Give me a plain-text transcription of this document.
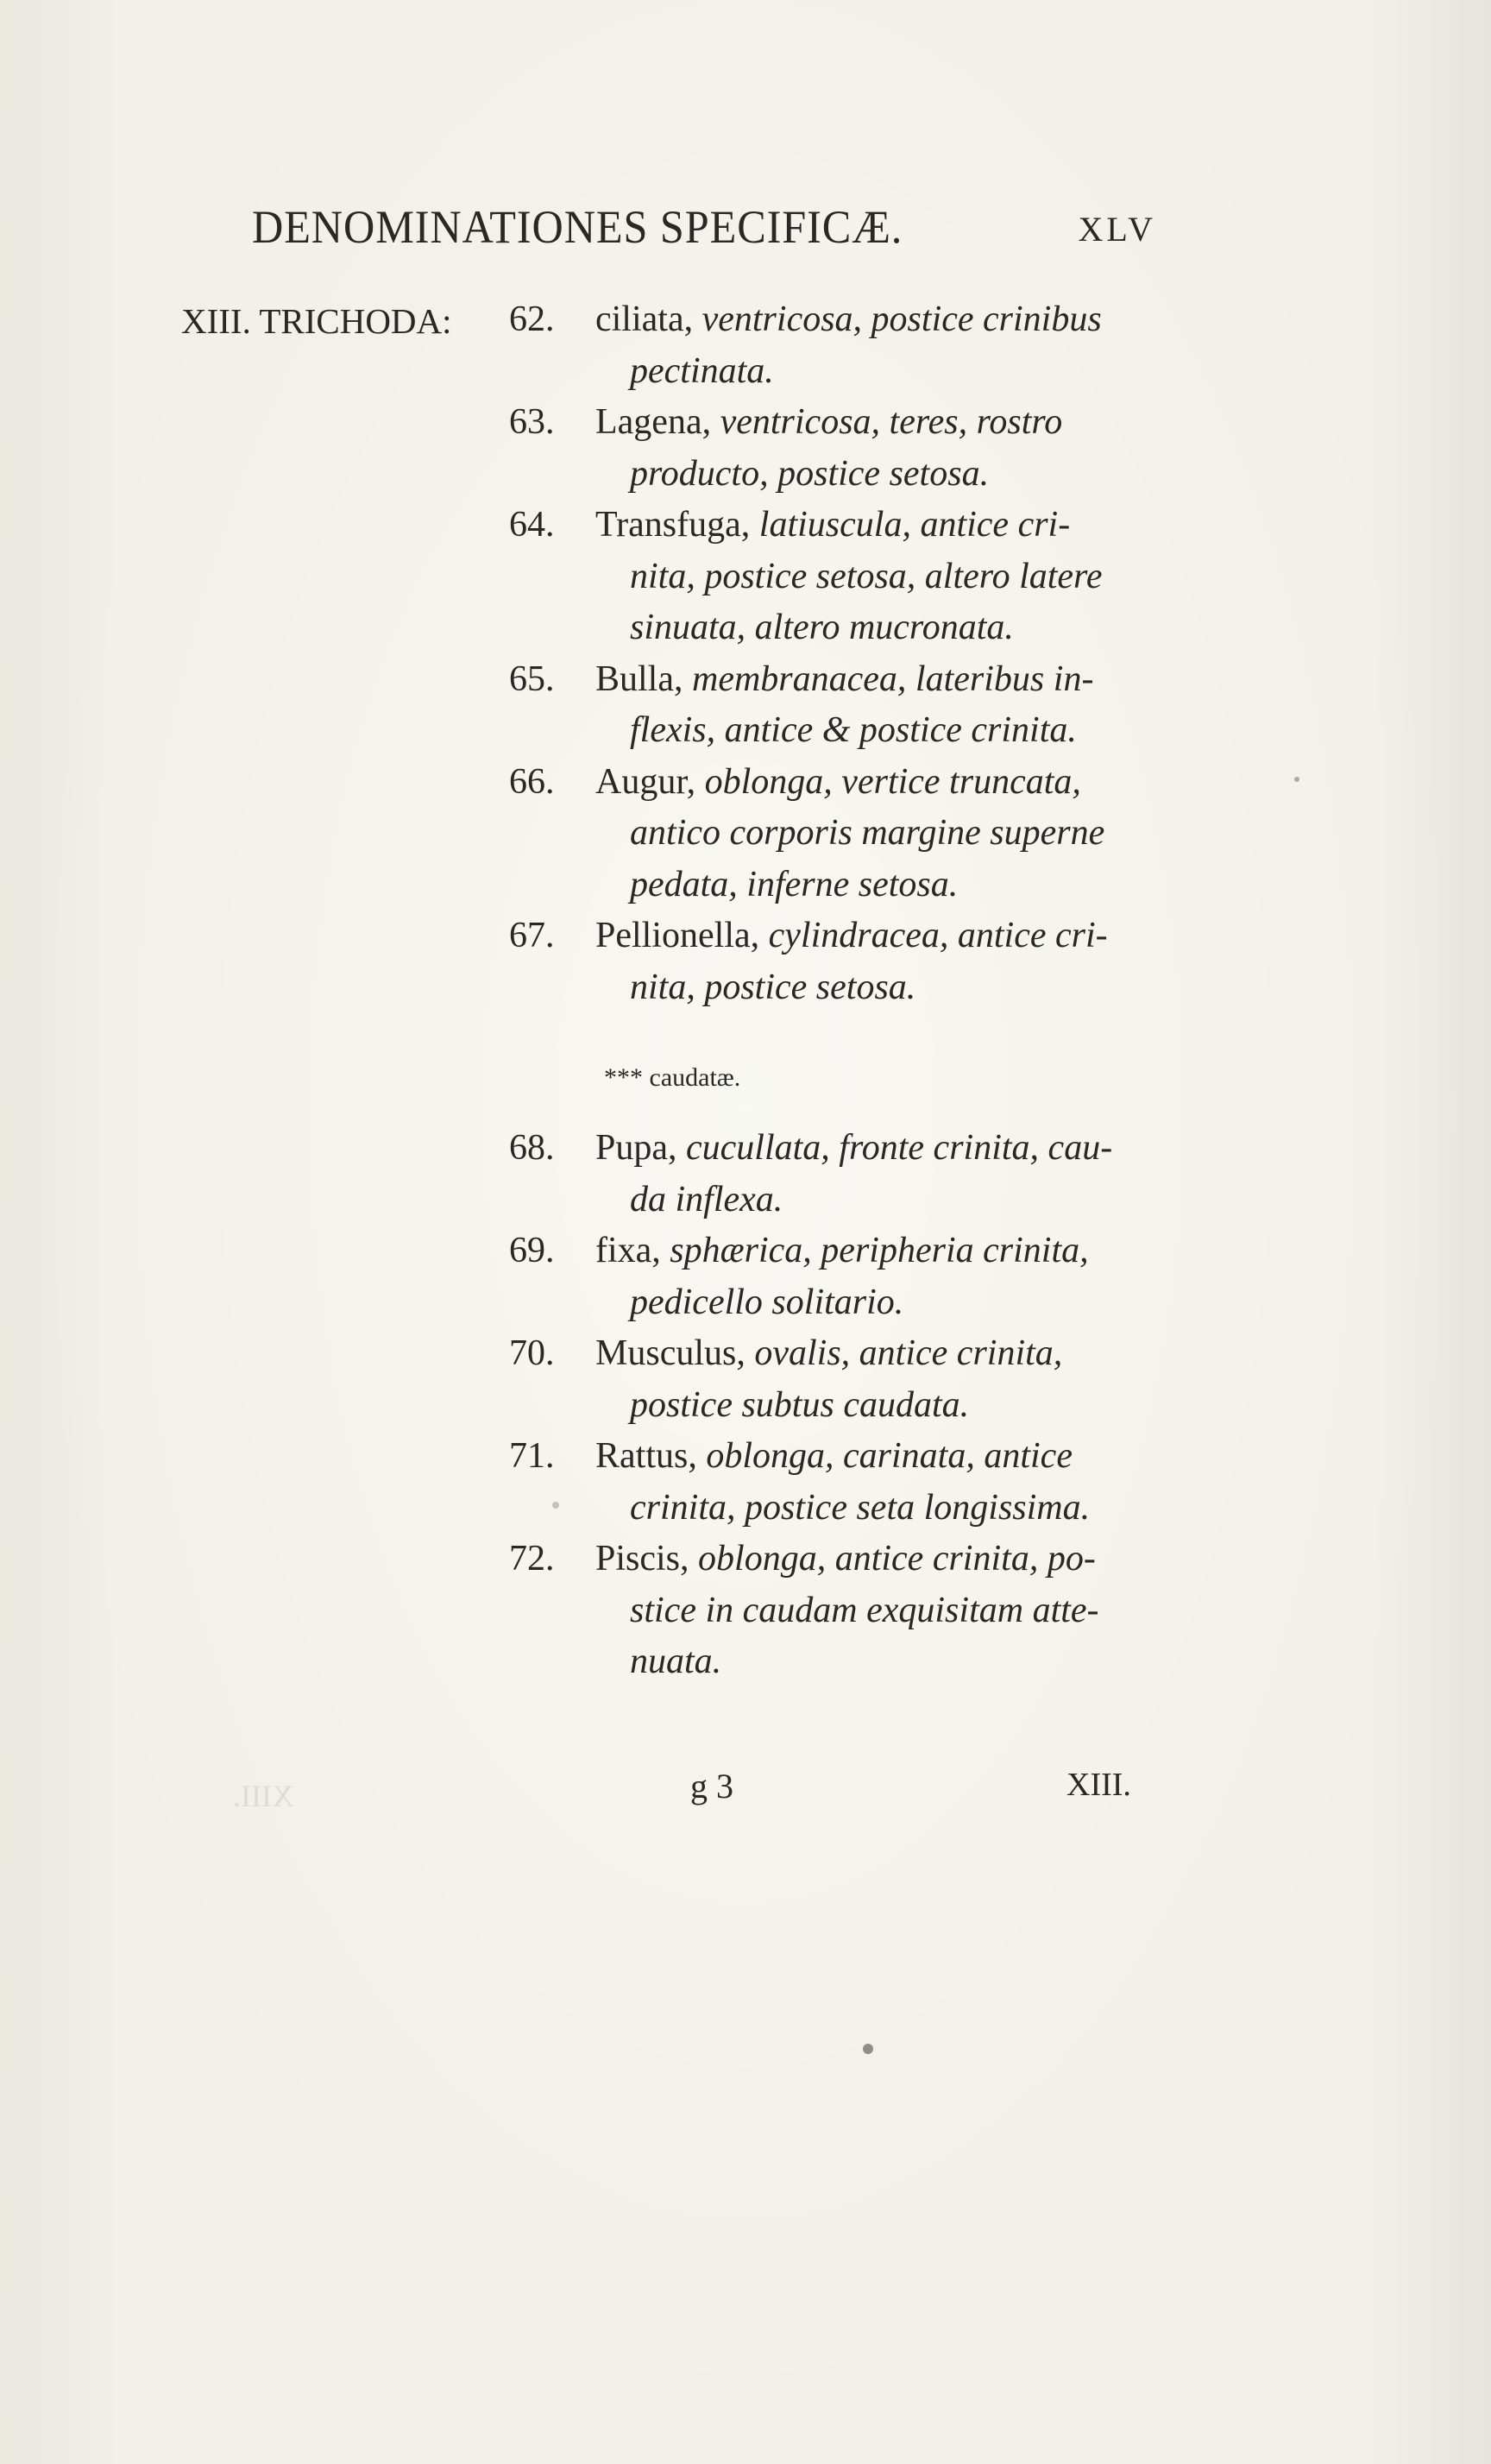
DENOMINATIONES SPECIFICÆ.	XLV
XIII. TRICHODA: 62. ciliata, ventricosa, postice crinibus
pectinata.
63. Lagena, ventricosa, teres, rostro
producto, postice setosa.
64. Transfuga, latiuscula, antice cri-
nita, postice setosa, altero latere
sinuata, altero mucronata.
65. Bulla, membranacea, lateribus in-
flexis, antice & postice crinita.
66. Augur, oblonga, vertice truncata,
antico corporis margine superne
pedata, inferne setosa.
67. Pellionella, cylindracea, antice cri-
nita, postice setosa.
*** caudatæ.
68. Pupa, cucullata, fronte crinita, cau-
da inflexa.
69. fixa, sphærica, peripheria crinita,
pedicello solitario.
70. Musculus, ovalis, antice crinita,
postice subtus caudata.
71. Rattus, oblonga, carinata, antice
crinita, postice seta longissima.
72. Piscis, oblonga, antice crinita, po-
stice in caudam exquisitam atte-
nuata.
XIII.	g 3	XIII.
